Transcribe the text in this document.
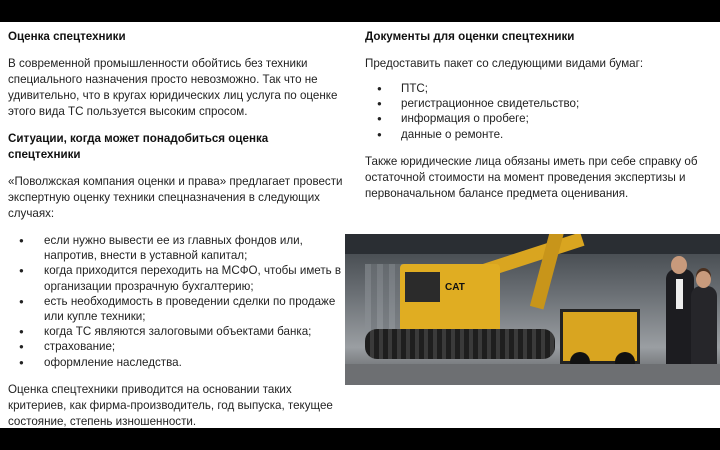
Оценка спецтехники
В современной промышленности обойтись без техники специального назначения просто невозможно. Так что не удивительно, что в кругах юридических лиц услуга по оценке этого вида ТС пользуется высоким спросом.
Ситуации, когда может понадобиться оценка спецтехники
«Поволжская компания оценки и права» предлагает провести экспертную оценку техники спецназначения в следующих случаях:
● если нужно вывести ее из главных фондов или, напротив, внести в уставной капитал;
● когда приходится переходить на МСФО, чтобы иметь в организации прозрачную бухгалтерию;
● есть необходимость в проведении сделки по продаже или купле техники;
● когда ТС являются залоговыми объектами банка;
● страхование;
● оформление наследства.
Оценка спецтехники приводится на основании таких критериев, как фирма-производитель, год выпуска, текущее состояние, степень изношенности.
Документы для оценки спецтехники
Предоставить пакет со следующими видами бумаг:
● ПТС;
● регистрационное свидетельство;
● информация о пробеге;
● данные о ремонте.
Также юридические лица обязаны иметь при себе справку об остаточной стоимости на момент проведения экспертизы и первоначальном балансе предмета оценивания.
CAT
